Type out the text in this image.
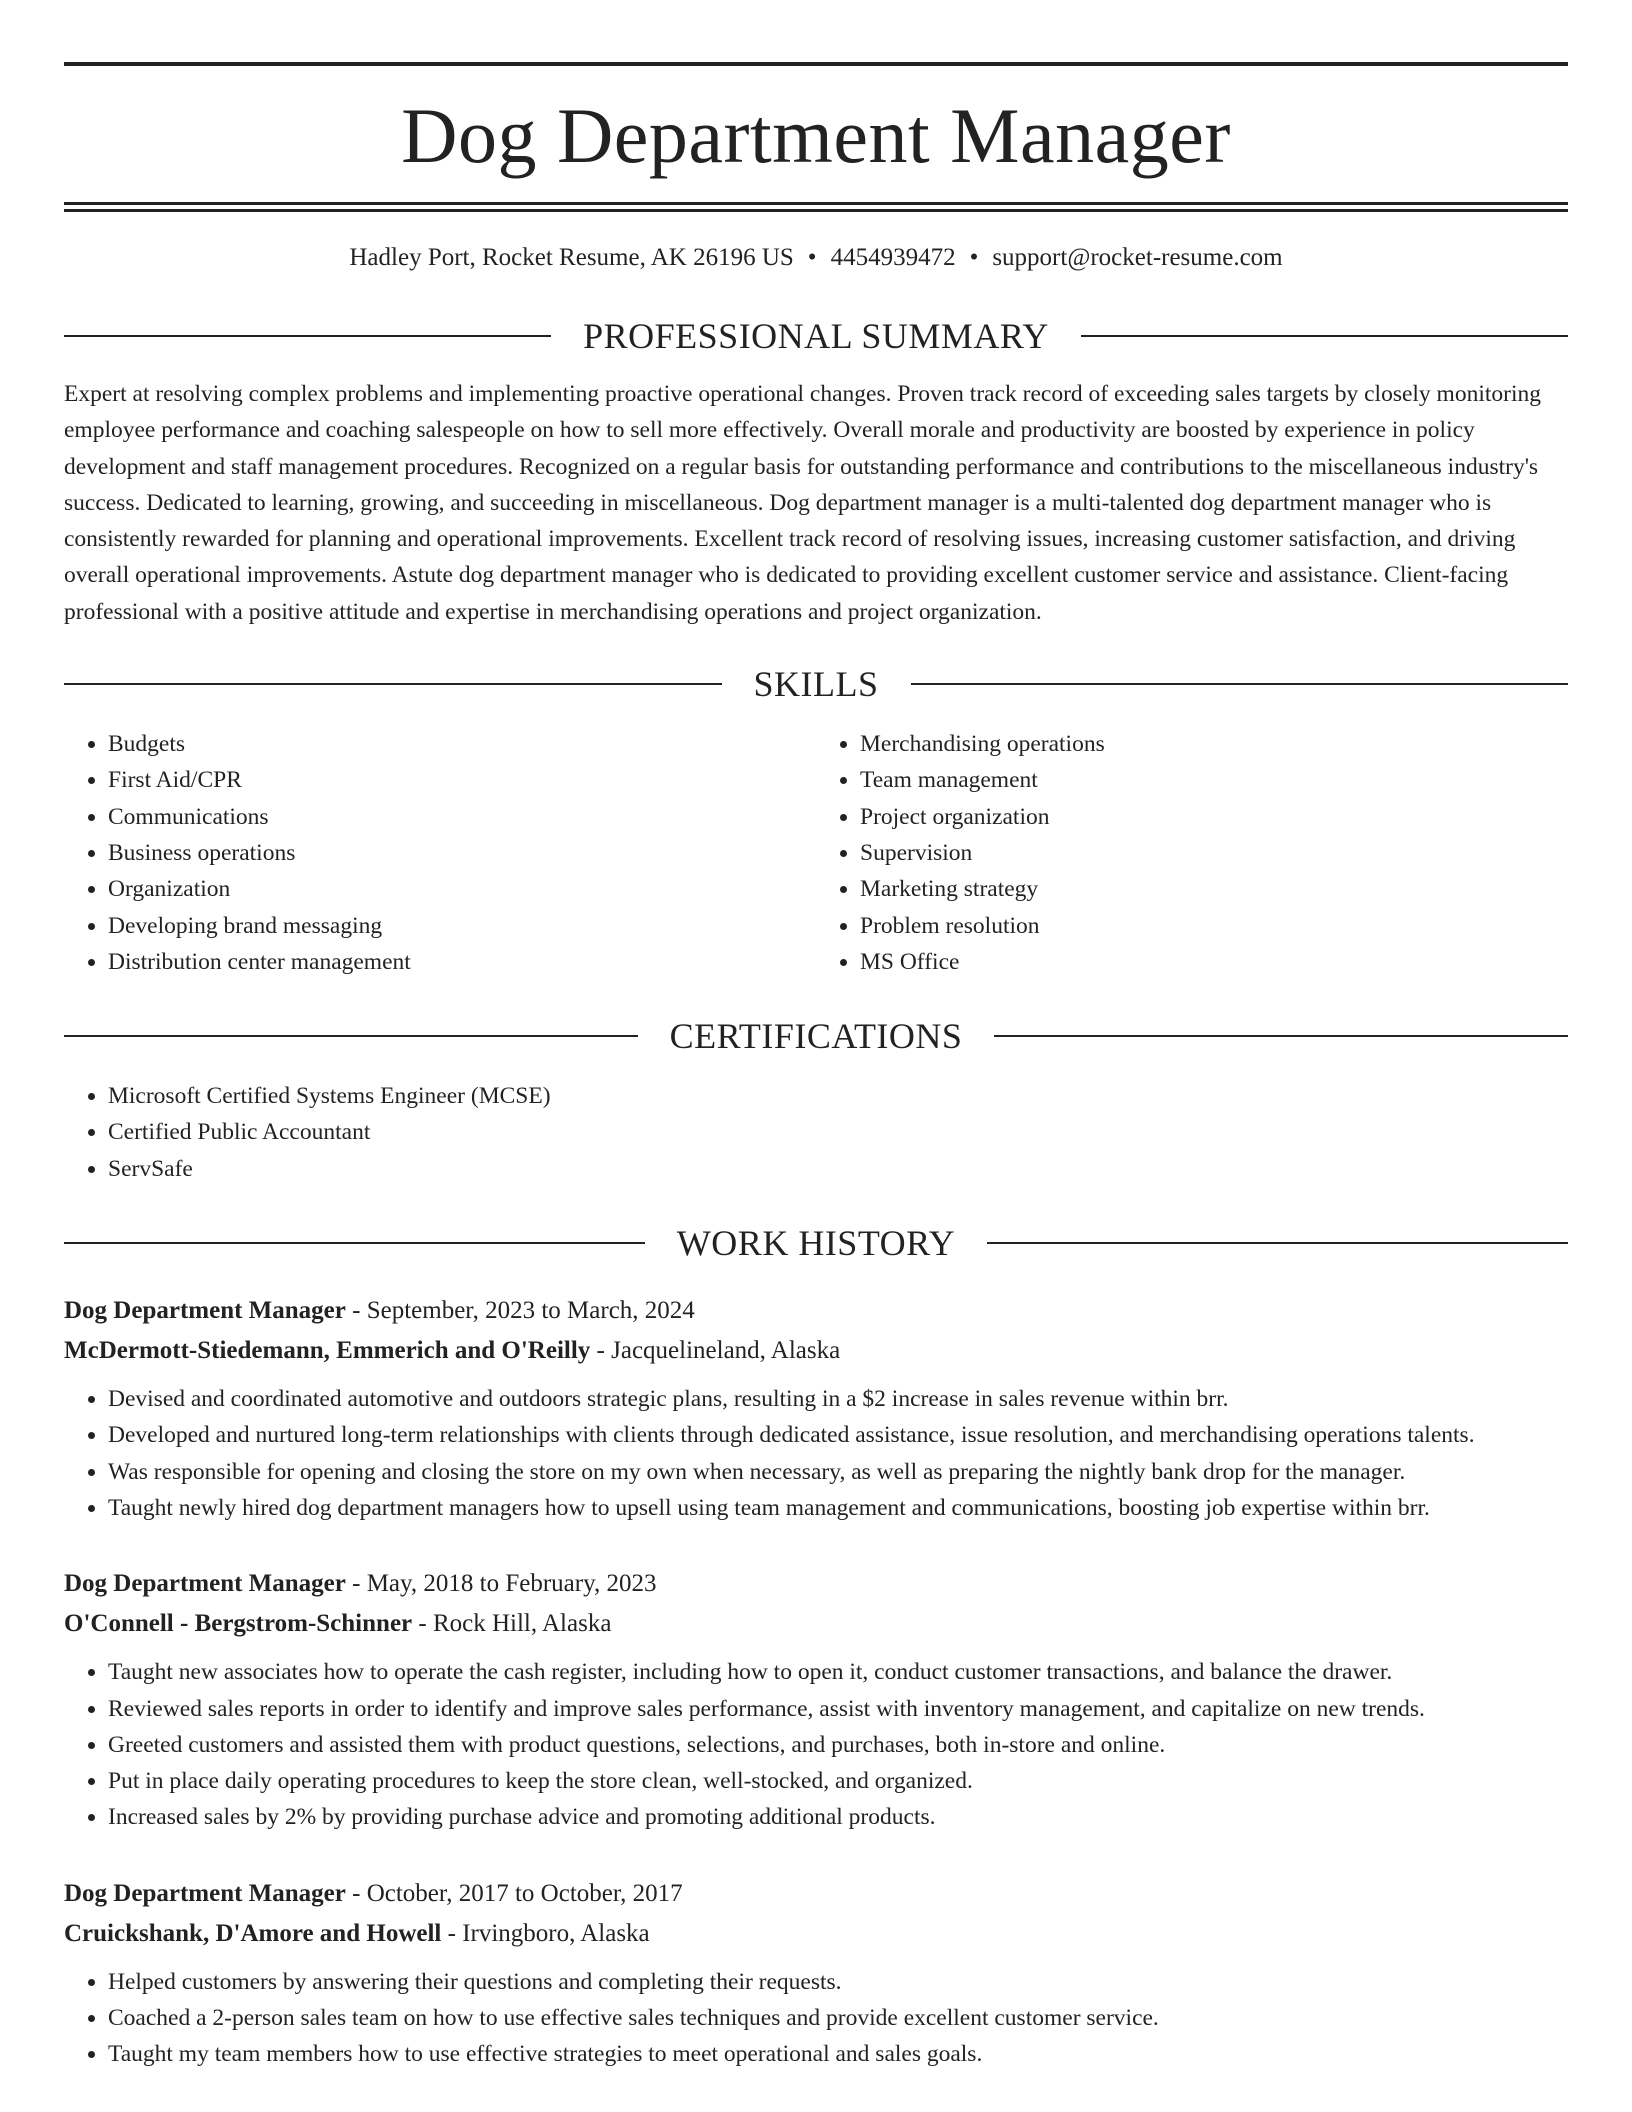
Dog Department Manager
Hadley Port, Rocket Resume, AK 26196 US • 4454939472 • support@rocket-resume.com
PROFESSIONAL SUMMARY

Expert at resolving complex problems and implementing proactive operational changes. Proven track record of exceeding sales targets by closely monitoring employee performance and coaching salespeople on how to sell more effectively. Overall morale and productivity are boosted by experience in policy development and staff management procedures. Recognized on a regular basis for outstanding performance and contributions to the miscellaneous industry's success. Dedicated to learning, growing, and succeeding in miscellaneous. Dog department manager is a multi-talented dog department manager who is consistently rewarded for planning and operational improvements. Excellent track record of resolving issues, increasing customer satisfaction, and driving overall operational improvements. Astute dog department manager who is dedicated to providing excellent customer service and assistance. Client-facing professional with a positive attitude and expertise in merchandising operations and project organization.

SKILLS
• Budgets
• First Aid/CPR
• Communications
• Business operations
• Organization
• Developing brand messaging
• Distribution center management
• Merchandising operations
• Team management
• Project organization
• Supervision
• Marketing strategy
• Problem resolution
• MS Office
CERTIFICATIONS
• Microsoft Certified Systems Engineer (MCSE)
• Certified Public Accountant
• ServSafe
WORK HISTORY
Dog Department Manager - September, 2023 to March, 2024
McDermott-Stiedemann, Emmerich and O'Reilly - Jacquelineland, Alaska
• Devised and coordinated automotive and outdoors strategic plans, resulting in a $2 increase in sales revenue within brr.
• Developed and nurtured long-term relationships with clients through dedicated assistance, issue resolution, and merchandising operations talents.
• Was responsible for opening and closing the store on my own when necessary, as well as preparing the nightly bank drop for the manager.
• Taught newly hired dog department managers how to upsell using team management and communications, boosting job expertise within brr.
Dog Department Manager - May, 2018 to February, 2023
O'Connell - Bergstrom-Schinner - Rock Hill, Alaska
• Taught new associates how to operate the cash register, including how to open it, conduct customer transactions, and balance the drawer.
• Reviewed sales reports in order to identify and improve sales performance, assist with inventory management, and capitalize on new trends.
• Greeted customers and assisted them with product questions, selections, and purchases, both in-store and online.
• Put in place daily operating procedures to keep the store clean, well-stocked, and organized.
• Increased sales by 2% by providing purchase advice and promoting additional products.
Dog Department Manager - October, 2017 to October, 2017
Cruickshank, D'Amore and Howell - Irvingboro, Alaska
• Helped customers by answering their questions and completing their requests.
• Coached a 2-person sales team on how to use effective sales techniques and provide excellent customer service.
• Taught my team members how to use effective strategies to meet operational and sales goals.
